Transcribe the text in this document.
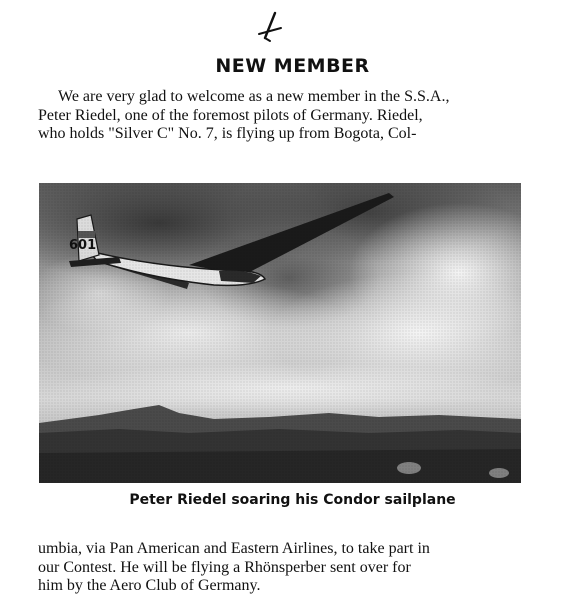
NEW MEMBER
We are very glad to welcome as a new member in the S.S.A.,
Peter Riedel, one of the foremost pilots of Germany. Riedel,
who holds "Silver C" No. 7, is flying up from Bogota, Col-
Peter Riedel soaring his Condor sailplane
umbia, via Pan American and Eastern Airlines, to take part in
our Contest. He will be flying a Rhönsperber sent over for
him by the Aero Club of Germany.
